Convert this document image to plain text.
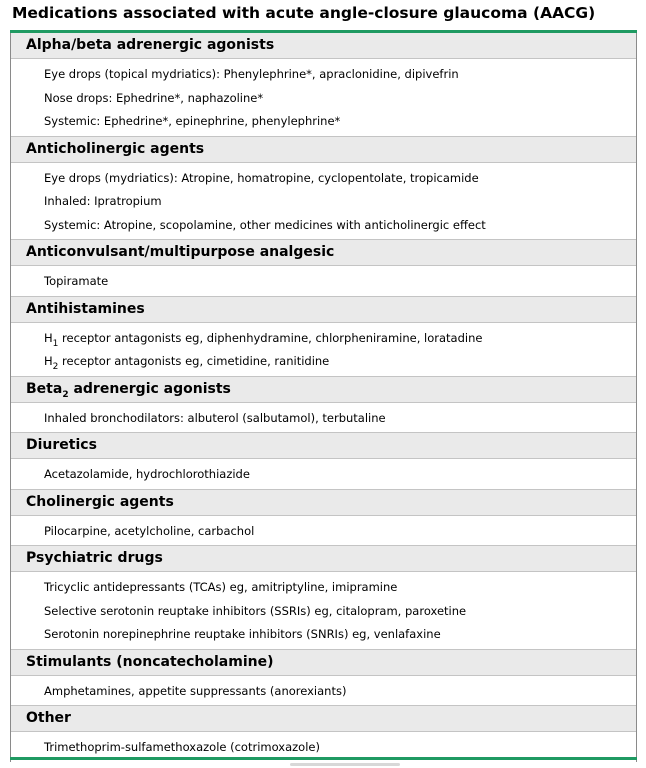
Medications associated with acute angle-closure glaucoma (AACG)
Alpha/beta adrenergic agonists
Eye drops (topical mydriatics): Phenylephrine*, apraclonidine, dipivefrin
Nose drops: Ephedrine*, naphazoline*
Systemic: Ephedrine*, epinephrine, phenylephrine*
Anticholinergic agents
Eye drops (mydriatics): Atropine, homatropine, cyclopentolate, tropicamide
Inhaled: Ipratropium
Systemic: Atropine, scopolamine, other medicines with anticholinergic effect
Anticonvulsant/multipurpose analgesic
Topiramate
Antihistamines
$H_1$ receptor antagonists eg, diphenhydramine, chlorpheniramine, loratadine
$H_2$ receptor antagonists eg, cimetidine, ranitidine
Beta$_2$ adrenergic agonists
Inhaled bronchodilators: albuterol (salbutamol), terbutaline
Diuretics
Acetazolamide, hydrochlorothiazide
Cholinergic agents
Pilocarpine, acetylcholine, carbachol
Psychiatric drugs
Tricyclic antidepressants (TCAs) eg, amitriptyline, imipramine
Selective serotonin reuptake inhibitors (SSRIs) eg, citalopram, paroxetine
Serotonin norepinephrine reuptake inhibitors (SNRIs) eg, venlafaxine
Stimulants (noncatecholamine)
Amphetamines, appetite suppressants (anorexiants)
Other
Trimethoprim-sulfamethoxazole (cotrimoxazole)
